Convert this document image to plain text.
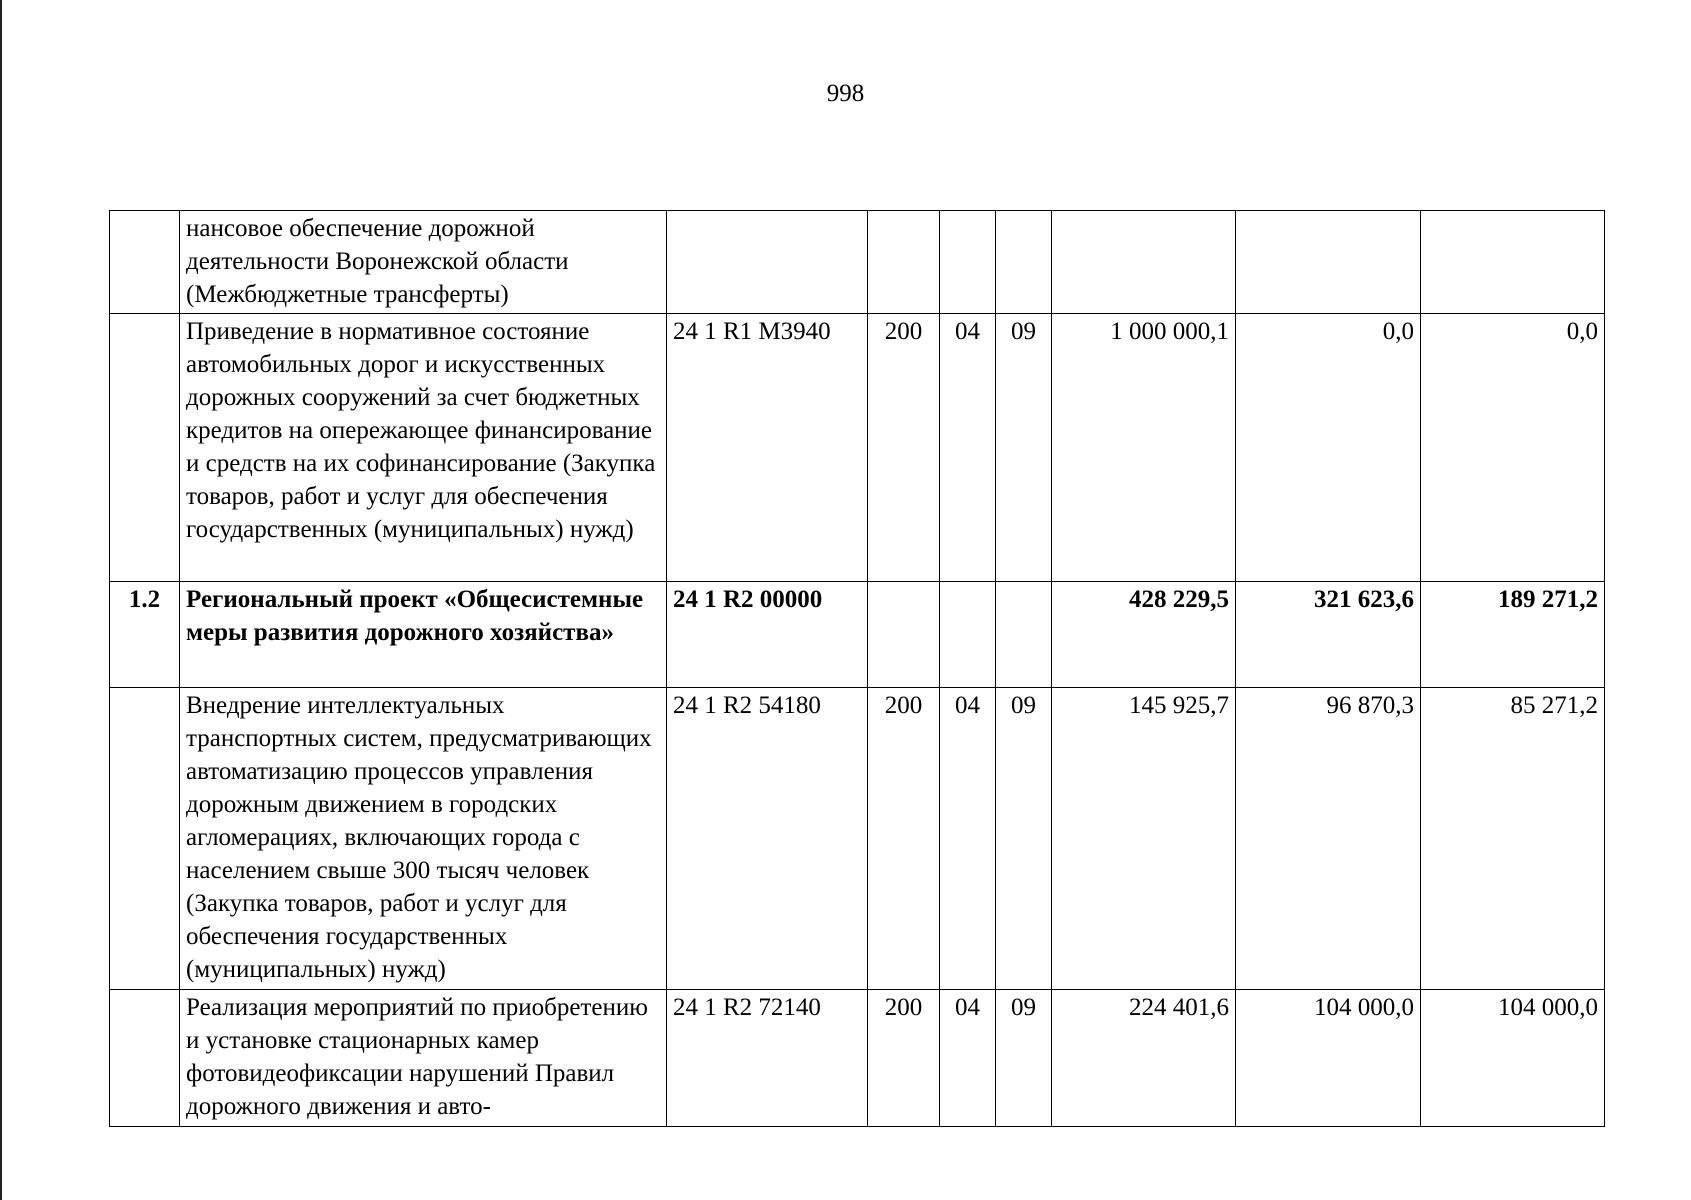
998
	нансовое обеспечение дорожной деятельности Воронежской области (Межбюджетные трансферты)							
	Приведение в нормативное состояние автомобильных дорог и искусственных дорожных сооружений за счет бюджетных кредитов на опережающее финансирование и средств на их софинансирование (Закупка товаров, работ и услуг для обеспечения государственных (муниципальных) нужд)	24 1 R1 M3940	200	04	09	1 000 000,1	0,0	0,0
1.2	Региональный проект «Общесистемные меры развития дорожного хозяйства»	24 1 R2 00000				428 229,5	321 623,6	189 271,2
	Внедрение интеллектуальных транспортных систем, предусматривающих автоматизацию процессов управления дорожным движением в городских агломерациях, включающих города с населением свыше 300 тысяч человек (Закупка товаров, работ и услуг для обеспечения государственных (муниципальных) нужд)	24 1 R2 54180	200	04	09	145 925,7	96 870,3	85 271,2
	Реализация мероприятий по приобретению и установке стационарных камер фотовидеофиксации нарушений Правил дорожного движения и авто-	24 1 R2 72140	200	04	09	224 401,6	104 000,0	104 000,0
